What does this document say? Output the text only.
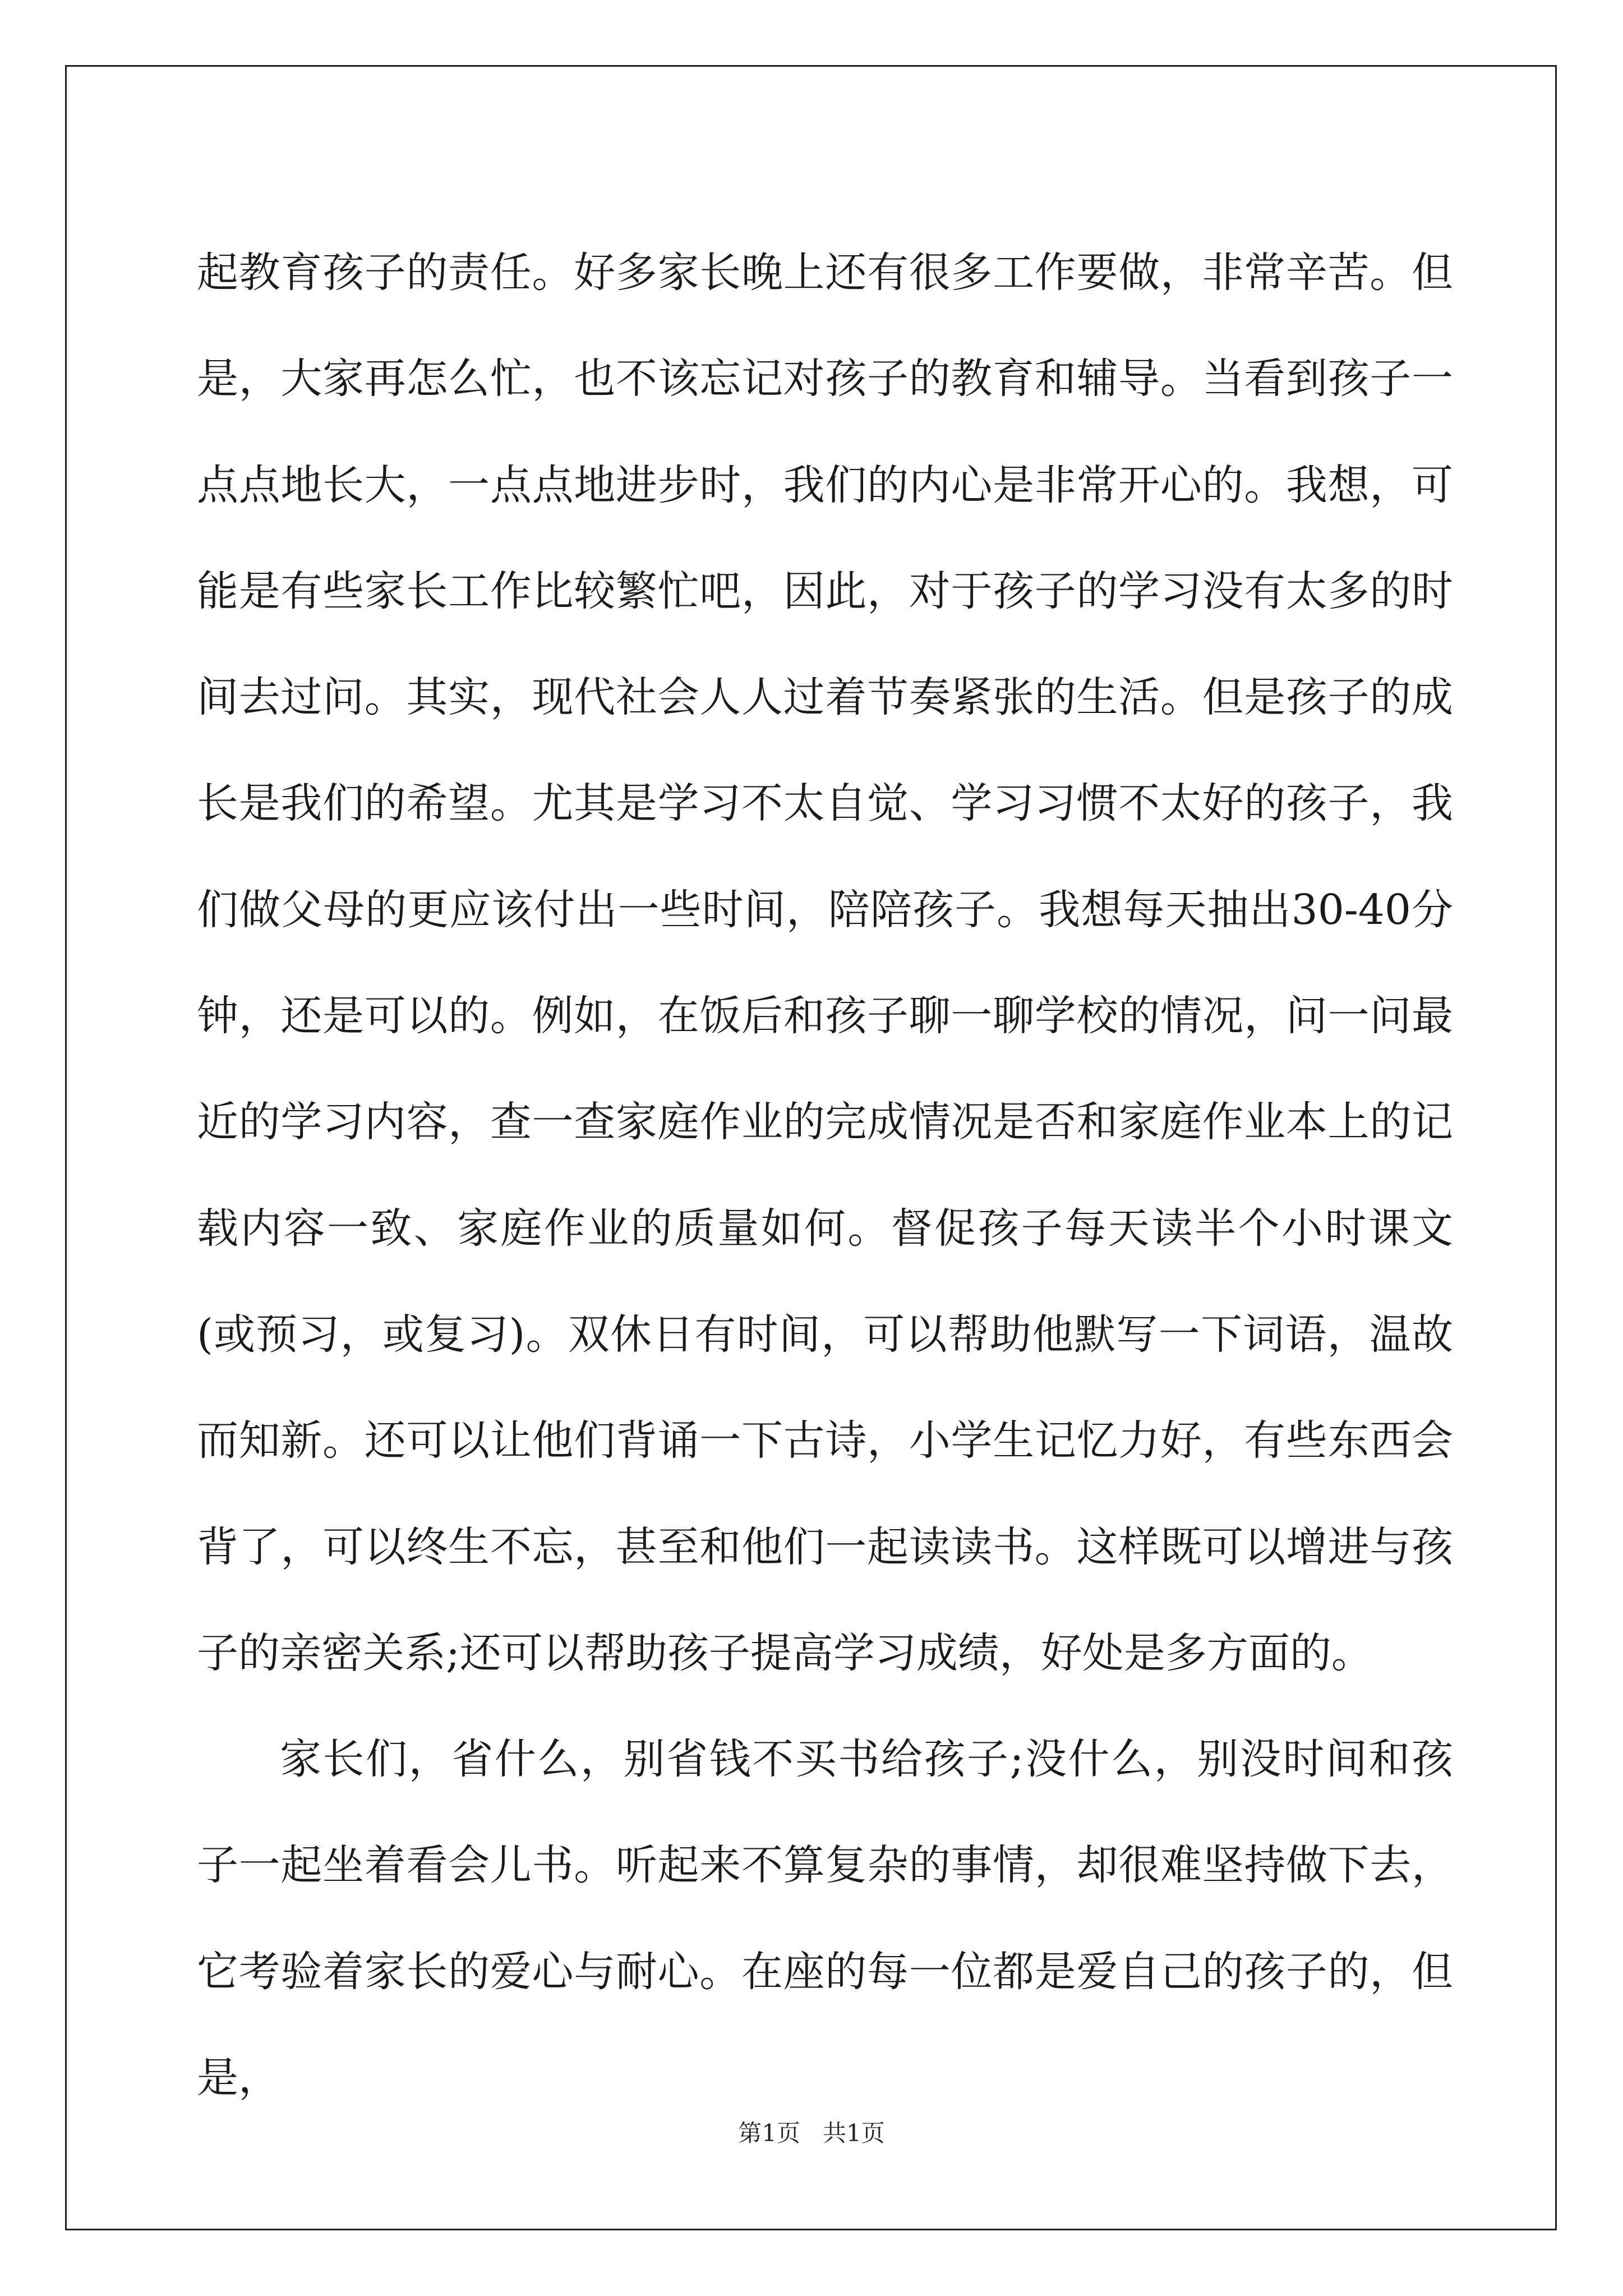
起教育孩子的责任。好多家长晚上还有很多工作要做，非常辛苦。但是，大家再怎么忙，也不该忘记对孩子的教育和辅导。当看到孩子一点点地长大，一点点地进步时，我们的内心是非常开心的。我想，可能是有些家长工作比较繁忙吧，因此，对于孩子的学习没有太多的时间去过问。其实，现代社会人人过着节奏紧张的生活。但是孩子的成长是我们的希望。尤其是学习不太自觉、学习习惯不太好的孩子，我们做父母的更应该付出一些时间，陪陪孩子。我想每天抽出30-40分钟，还是可以的。例如，在饭后和孩子聊一聊学校的情况，问一问最近的学习内容，查一查家庭作业的完成情况是否和家庭作业本上的记载内容一致、家庭作业的质量如何。督促孩子每天读半个小时课文(或预习，或复习)。双休日有时间，可以帮助他默写一下词语，温故而知新。还可以让他们背诵一下古诗，小学生记忆力好，有些东西会背了，可以终生不忘，甚至和他们一起读读书。这样既可以增进与孩子的亲密关系;还可以帮助孩子提高学习成绩，好处是多方面的。

家长们，省什么，别省钱不买书给孩子;没什么，别没时间和孩子一起坐着看会儿书。听起来不算复杂的事情，却很难坚持做下去，它考验着家长的爱心与耐心。在座的每一位都是爱自己的孩子的，但是，

第1页   共1页
